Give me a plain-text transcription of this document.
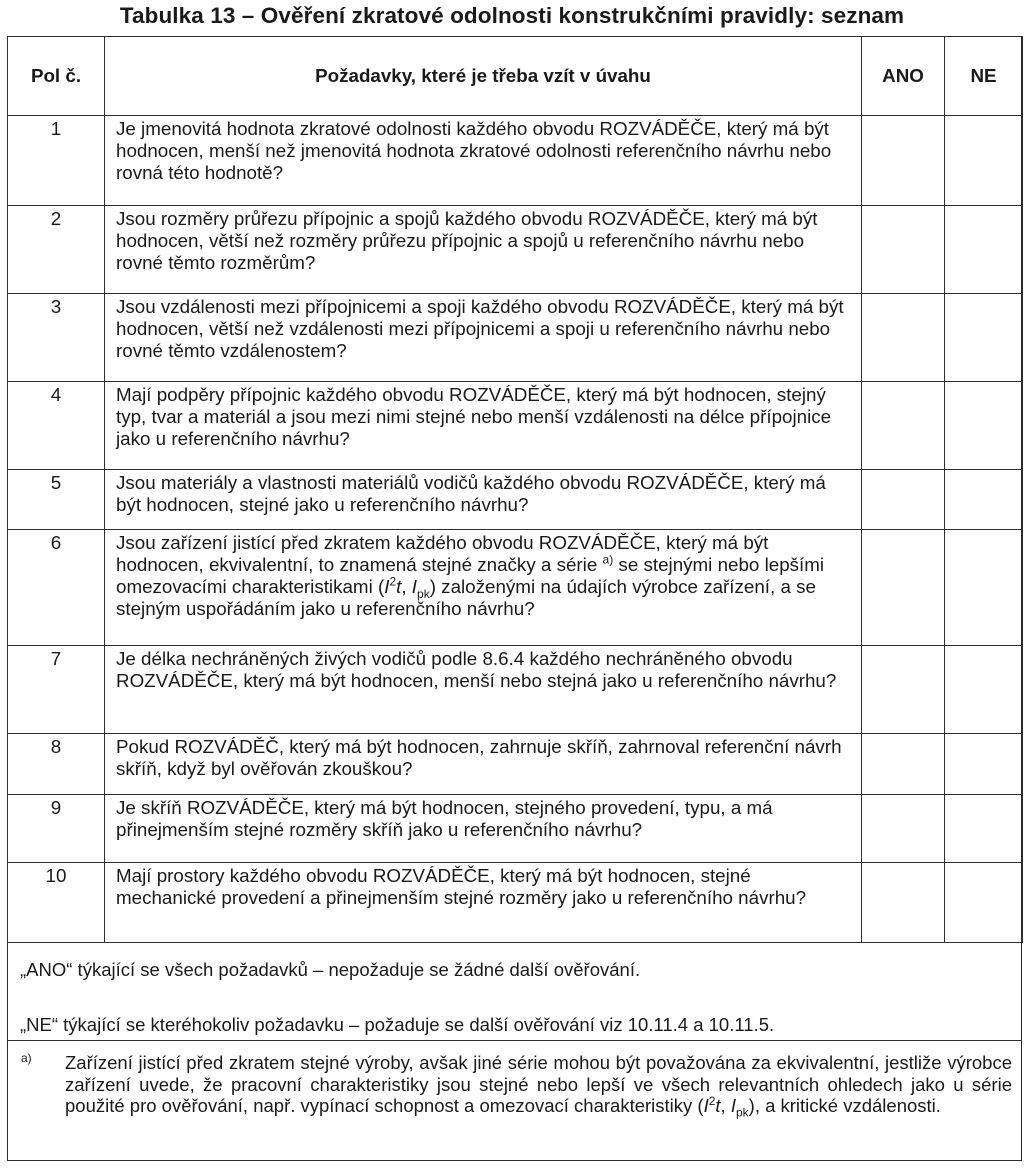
Tabulka 13 – Ověření zkratové odolnosti konstrukčními pravidly: seznam
Pol č.	Požadavky, které je třeba vzít v úvahu	ANO	NE
1	Je jmenovitá hodnota zkratové odolnosti každého obvodu ROZVÁDĚČE, který má být hodnocen, menší než jmenovitá hodnota zkratové odolnosti referenčního návrhu nebo rovná této hodnotě?		
2	Jsou rozměry průřezu přípojnic a spojů každého obvodu ROZVÁDĚČE, který má být hodnocen, větší než rozměry průřezu přípojnic a spojů u referenčního návrhu nebo rovné těmto rozměrům?		
3	Jsou vzdálenosti mezi přípojnicemi a spoji každého obvodu ROZVÁDĚČE, který má být hodnocen, větší než vzdálenosti mezi přípojnicemi a spoji u referenčního návrhu nebo rovné těmto vzdálenostem?		
4	Mají podpěry přípojnic každého obvodu ROZVÁDĚČE, který má být hodnocen, stejný typ, tvar a materiál a jsou mezi nimi stejné nebo menší vzdálenosti na délce přípojnice jako u referenčního návrhu?		
5	Jsou materiály a vlastnosti materiálů vodičů každého obvodu ROZVÁDĚČE, který má být hodnocen, stejné jako u referenčního návrhu?		
6	Jsou zařízení jistící před zkratem každého obvodu ROZVÁDĚČE, který má být hodnocen, ekvivalentní, to znamená stejné značky a série $^{a)}$ se stejnými nebo lepšími omezovacími charakteristikami ($I^2t$, $I_{pk}$) založenými na údajích výrobce zařízení, a se stejným uspořádáním jako u referenčního návrhu?		
7	Je délka nechráněných živých vodičů podle 8.6.4 každého nechráněného obvodu ROZVÁDĚČE, který má být hodnocen, menší nebo stejná jako u referenčního návrhu?		
8	Pokud ROZVÁDĚČ, který má být hodnocen, zahrnuje skříň, zahrnoval referenční návrh skříň, když byl ověřován zkouškou?		
9	Je skříň ROZVÁDĚČE, který má být hodnocen, stejného provedení, typu, a má přinejmenším stejné rozměry skříň jako u referenčního návrhu?		
10	Mají prostory každého obvodu ROZVÁDĚČE, který má být hodnocen, stejné mechanické provedení a přinejmenším stejné rozměry jako u referenčního návrhu?		
„ANO“ týkající se všech požadavků – nepožaduje se žádné další ověřování.
„NE“ týkající se kteréhokoliv požadavku – požaduje se další ověřování viz 10.11.4 a 10.11.5.
a) Zařízení jistící před zkratem stejné výroby, avšak jiné série mohou být považována za ekvivalentní, jestliže výrobce zařízení uvede, že pracovní charakteristiky jsou stejné nebo lepší ve všech relevantních ohledech jako u série použité pro ověřování, např. vypínací schopnost a omezovací charakteristiky ($I^2t$, $I_{pk}$), a kritické vzdálenosti.
